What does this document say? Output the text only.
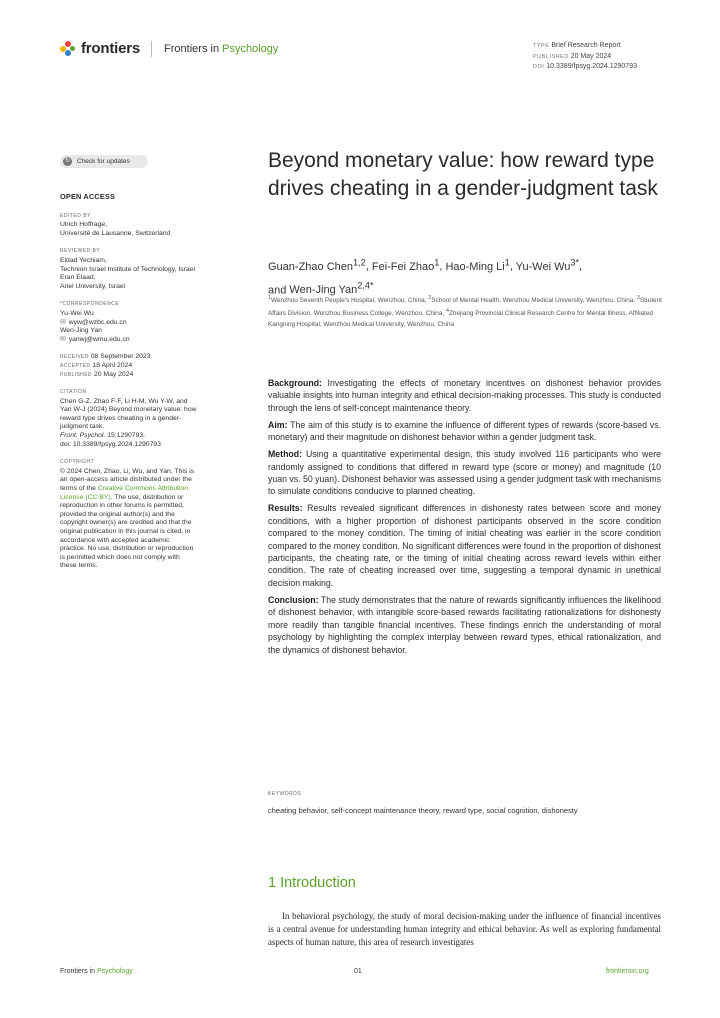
frontiers Frontiers in Psychology	TYPE Brief Research Report
PUBLISHED 20 May 2024
DOI 10.3389/fpsyg.2024.1290793
↻	Check for updates
OPEN ACCESS
EDITED BY
Ulrich Hoffrage,
Université de Lausanne, Switzerland
REVIEWED BY
Eldad Yechiam,
Technion Israel Institute of Technology, Israel
Eran Elaad,
Ariel University, Israel
*CORRESPONDENCE
Yu-Wei Wu
✉ wyw@wzbc.edu.cn
Wen-Jing Yan
✉ yanwj@wmu.edu.cn
RECEIVED 08 September 2023
ACCEPTED 18 April 2024
PUBLISHED 20 May 2024
CITATION
Chen G-Z, Zhao F-F, Li H-M, Wu Y-W, and
Yan W-J (2024) Beyond monetary value: how
reward type drives cheating in a gender-
judgment task.
Front. Psychol. 15:1290793.
doi: 10.3389/fpsyg.2024.1290793
COPYRIGHT
© 2024 Chen, Zhao, Li, Wu, and Yan. This is
an open-access article distributed under the
terms of the Creative Commons Attribution
License (CC BY). The use, distribution or
reproduction in other forums is permitted,
provided the original author(s) and the
copyright owner(s) are credited and that the
original publication in this journal is cited, in
accordance with accepted academic
practice. No use, distribution or reproduction
is permitted which does not comply with
these terms.
Beyond monetary value: how reward type drives cheating in a gender-judgment task
Guan-Zhao Chen$^{1,2}$, Fei-Fei Zhao$^1$, Hao-Ming Li$^1$, Yu-Wei $Wu^{3*}$,
and Wen-Jing Yan$^{2,4*}$
$^1$Wenzhou Seventh People's Hospital, Wenzhou, China, $^2$School of Mental Health, Wenzhou Medical University, Wenzhou, China, $^3$Student Affairs Division, Wenzhou Business College, Wenzhou, China, $^4$Zhejiang Provincial Clinical Research Centre for Mental Illness, Affiliated Kangning Hospital, Wenzhou Medical University, Wenzhou, China

Background: Investigating the effects of monetary incentives on dishonest behavior provides valuable insights into human integrity and ethical decision-making processes. This study is conducted through the lens of self-concept maintenance theory.

Aim: The aim of this study is to examine the influence of different types of rewards (score-based vs. monetary) and their magnitude on dishonest behavior within a gender judgment task.

Method: Using a quantitative experimental design, this study involved 116 participants who were randomly assigned to conditions that differed in reward type (score or money) and magnitude (10 yuan vs. 50 yuan). Dishonest behavior was assessed using a gender judgment task with mechanisms to simulate conditions conducive to planned cheating.

Results: Results revealed significant differences in dishonesty rates between score and money conditions, with a higher proportion of dishonest participants observed in the score condition compared to the money condition. The timing of initial cheating was earlier in the score condition compared to the money condition. No significant differences were found in the proportion of dishonest participants, the cheating rate, or the timing of initial cheating across reward levels within either condition. The rate of cheating increased over time, suggesting a temporal dynamic in unethical decision making.

Conclusion: The study demonstrates that the nature of rewards significantly influences the likelihood of dishonest behavior, with intangible score-based rewards facilitating rationalizations for dishonesty more readily than tangible financial incentives. These findings enrich the understanding of moral psychology by highlighting the complex interplay between reward types, ethical rationalization, and the dynamics of dishonest behavior.

KEYWORDS
cheating behavior, self-concept maintenance theory, reward type, social cognition, dishonesty
1 Introduction
In behavioral psychology, the study of moral decision-making under the influence of financial incentives is a central avenue for understanding human integrity and ethical behavior. As well as exploring fundamental aspects of human nature, this area of research investigates
Frontiers in Psychology	01	frontiersin.org
